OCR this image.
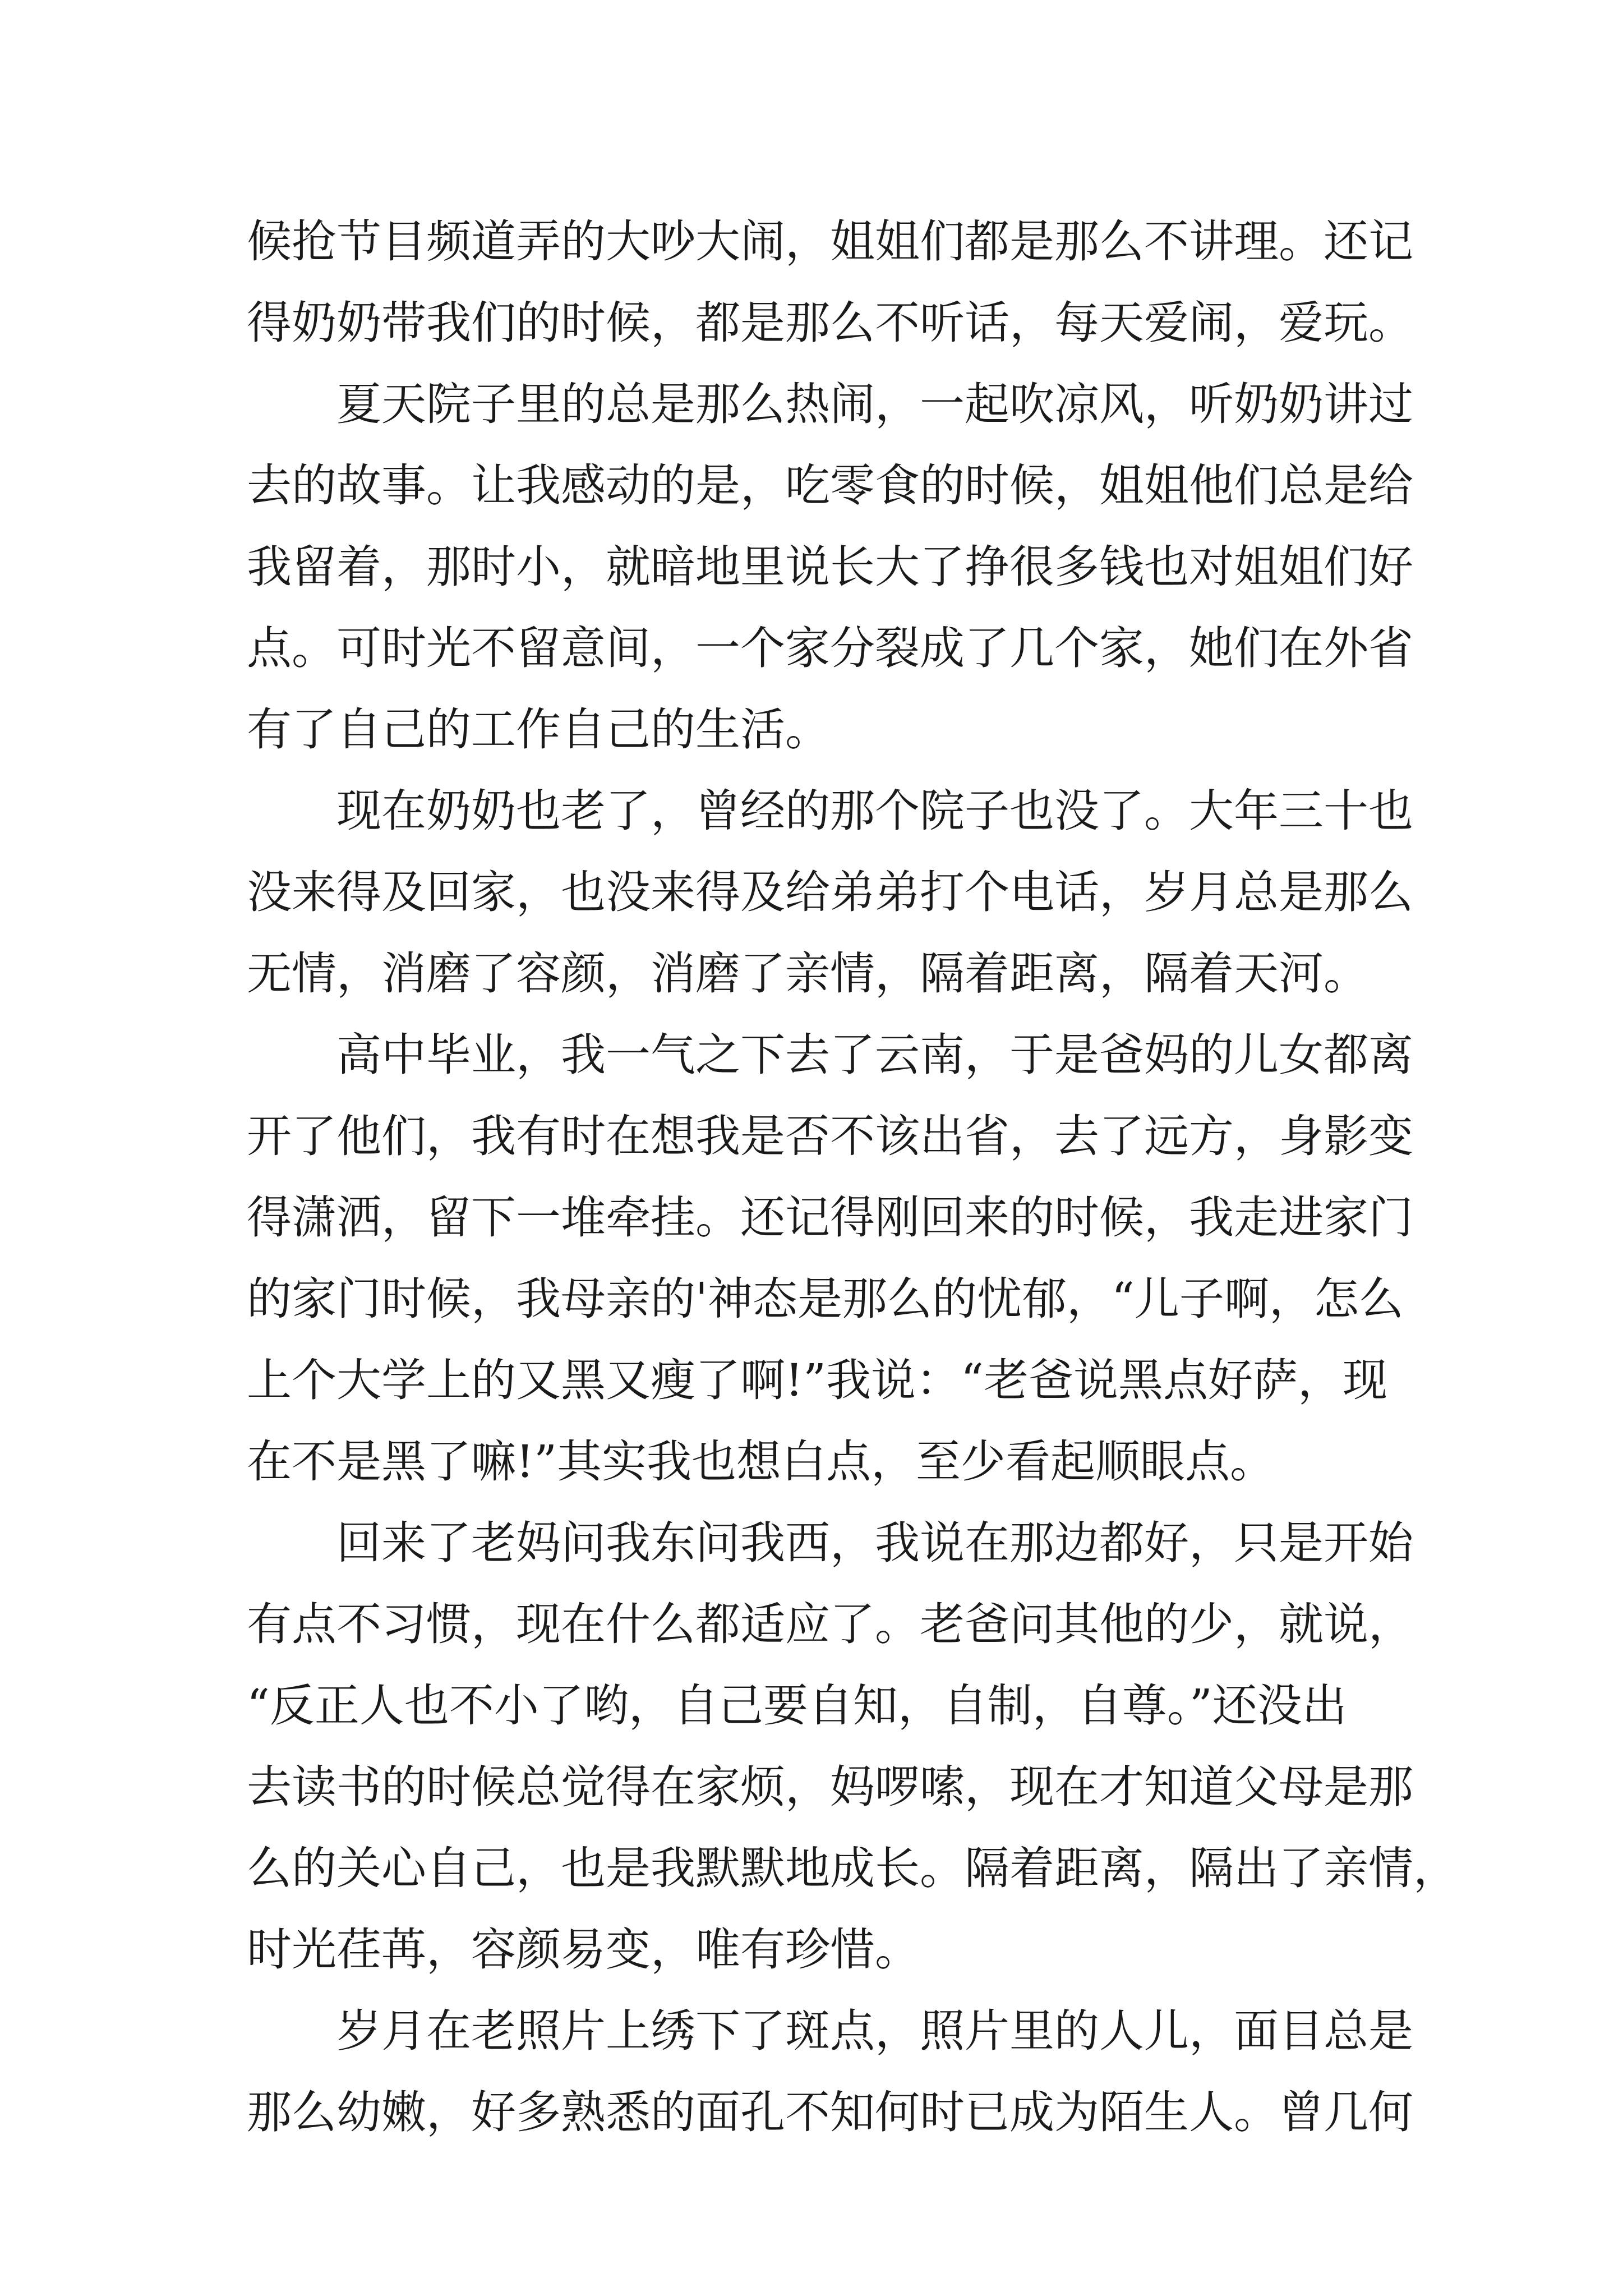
候抢节目频道弄的大吵大闹，姐姐们都是那么不讲理。还记
得奶奶带我们的时候，都是那么不听话，每天爱闹，爱玩。
夏天院子里的总是那么热闹，一起吹凉风，听奶奶讲过
去的故事。让我感动的是，吃零食的时候，姐姐他们总是给
我留着，那时小，就暗地里说长大了挣很多钱也对姐姐们好
点。可时光不留意间，一个家分裂成了几个家，她们在外省
有了自己的工作自己的生活。
现在奶奶也老了，曾经的那个院子也没了。大年三十也
没来得及回家，也没来得及给弟弟打个电话，岁月总是那么
无情，消磨了容颜，消磨了亲情，隔着距离，隔着天河。
高中毕业，我一气之下去了云南，于是爸妈的儿女都离
开了他们，我有时在想我是否不该出省，去了远方，身影变
得潇洒，留下一堆牵挂。还记得刚回来的时候，我走进家门
的家门时候，我母亲的'神态是那么的忧郁，“儿子啊，怎么
上个大学上的又黑又瘦了啊!”我说：“老爸说黑点好萨，现
在不是黑了嘛!”其实我也想白点，至少看起顺眼点。
回来了老妈问我东问我西，我说在那边都好，只是开始
有点不习惯，现在什么都适应了。老爸问其他的少，就说，
“反正人也不小了哟，自己要自知，自制，自尊。”还没出
去读书的时候总觉得在家烦，妈啰嗦，现在才知道父母是那
么的关心自己，也是我默默地成长。隔着距离，隔出了亲情，
时光荏苒，容颜易变，唯有珍惜。
岁月在老照片上绣下了斑点，照片里的人儿，面目总是
那么幼嫩，好多熟悉的面孔不知何时已成为陌生人。曾几何
